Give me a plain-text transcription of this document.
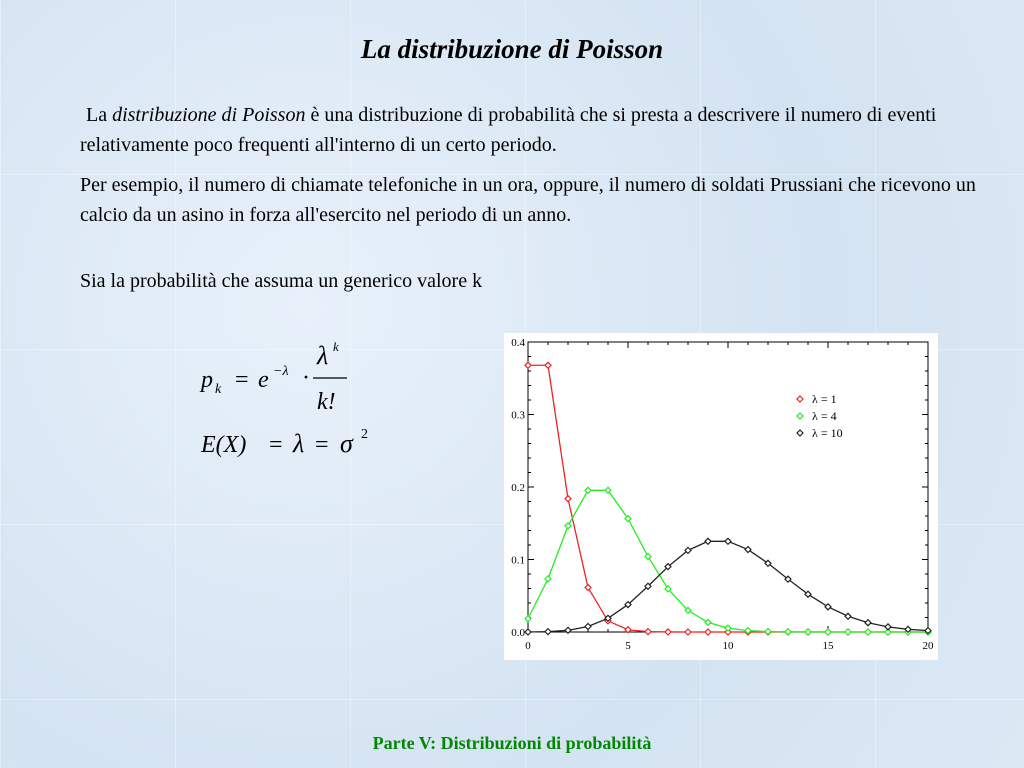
La distribuzione di Poisson
La distribuzione di Poisson è una distribuzione di probabilità che si presta a descrivere il numero di eventi relativamente poco frequenti all'interno di un certo periodo.
Per esempio, il numero di chiamate telefoniche in un ora, oppure, il numero di soldati Prussiani che ricevono un calcio da un asino in forza all'esercito nel periodo di un anno.
Sia la probabilità che assuma un generico valore k
p k = e −λ ·
λ k
k!
E(X) = λ = σ 2
0	5	10	15	20
0.0
0.1
0.2
0.3
0.4
λ = 1
λ = 4
λ = 10
Parte V: Distribuzioni di probabilità
